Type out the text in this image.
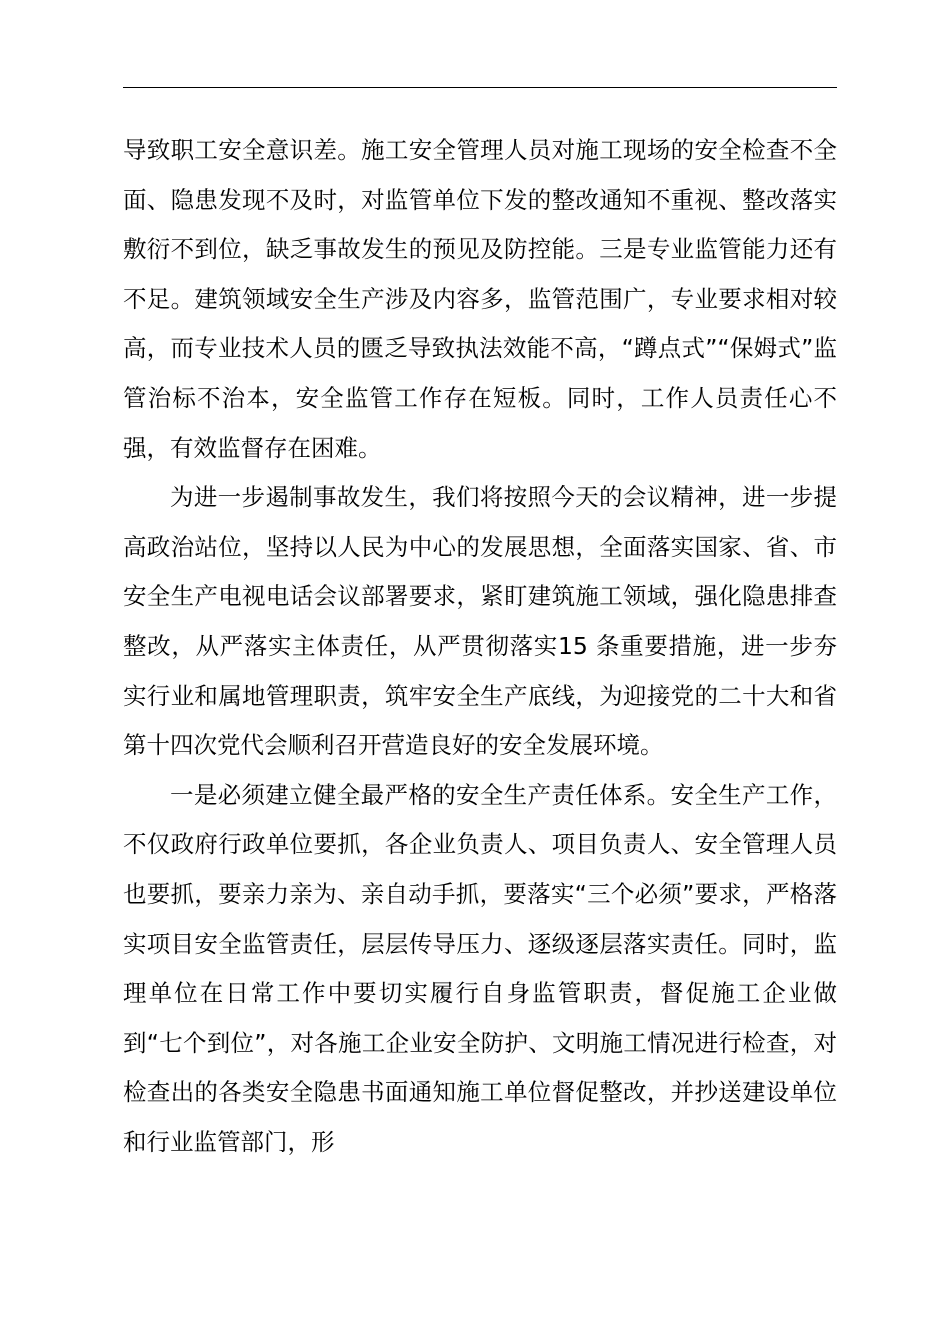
导致职工安全意识差。施工安全管理人员对施工现场的安全检查不全面、隐患发现不及时，对监管单位下发的整改通知不重视、整改落实敷衍不到位，缺乏事故发生的预见及防控能。三是专业监管能力还有不足。建筑领域安全生产涉及内容多，监管范围广，专业要求相对较高，而专业技术人员的匮乏导致执法效能不高，“蹲点式”“保姆式”监管治标不治本，安全监管工作存在短板。同时，工作人员责任心不强，有效监督存在困难。

为进一步遏制事故发生，我们将按照今天的会议精神，进一步提高政治站位，坚持以人民为中心的发展思想，全面落实国家、省、市安全生产电视电话会议部署要求，紧盯建筑施工领域，强化隐患排查整改，从严落实主体责任，从严贯彻落实15 条重要措施，进一步夯实行业和属地管理职责，筑牢安全生产底线，为迎接党的二十大和省第十四次党代会顺利召开营造良好的安全发展环境。

一是必须建立健全最严格的安全生产责任体系。安全生产工作，不仅政府行政单位要抓，各企业负责人、项目负责人、安全管理人员也要抓，要亲力亲为、亲自动手抓，要落实“三个必须”要求，严格落实项目安全监管责任，层层传导压力、逐级逐层落实责任。同时，监理单位在日常工作中要切实履行自身监管职责，督促施工企业做到“七个到位”，对各施工企业安全防护、文明施工情况进行检查，对检查出的各类安全隐患书面通知施工单位督促整改，并抄送建设单位和行业监管部门，形
